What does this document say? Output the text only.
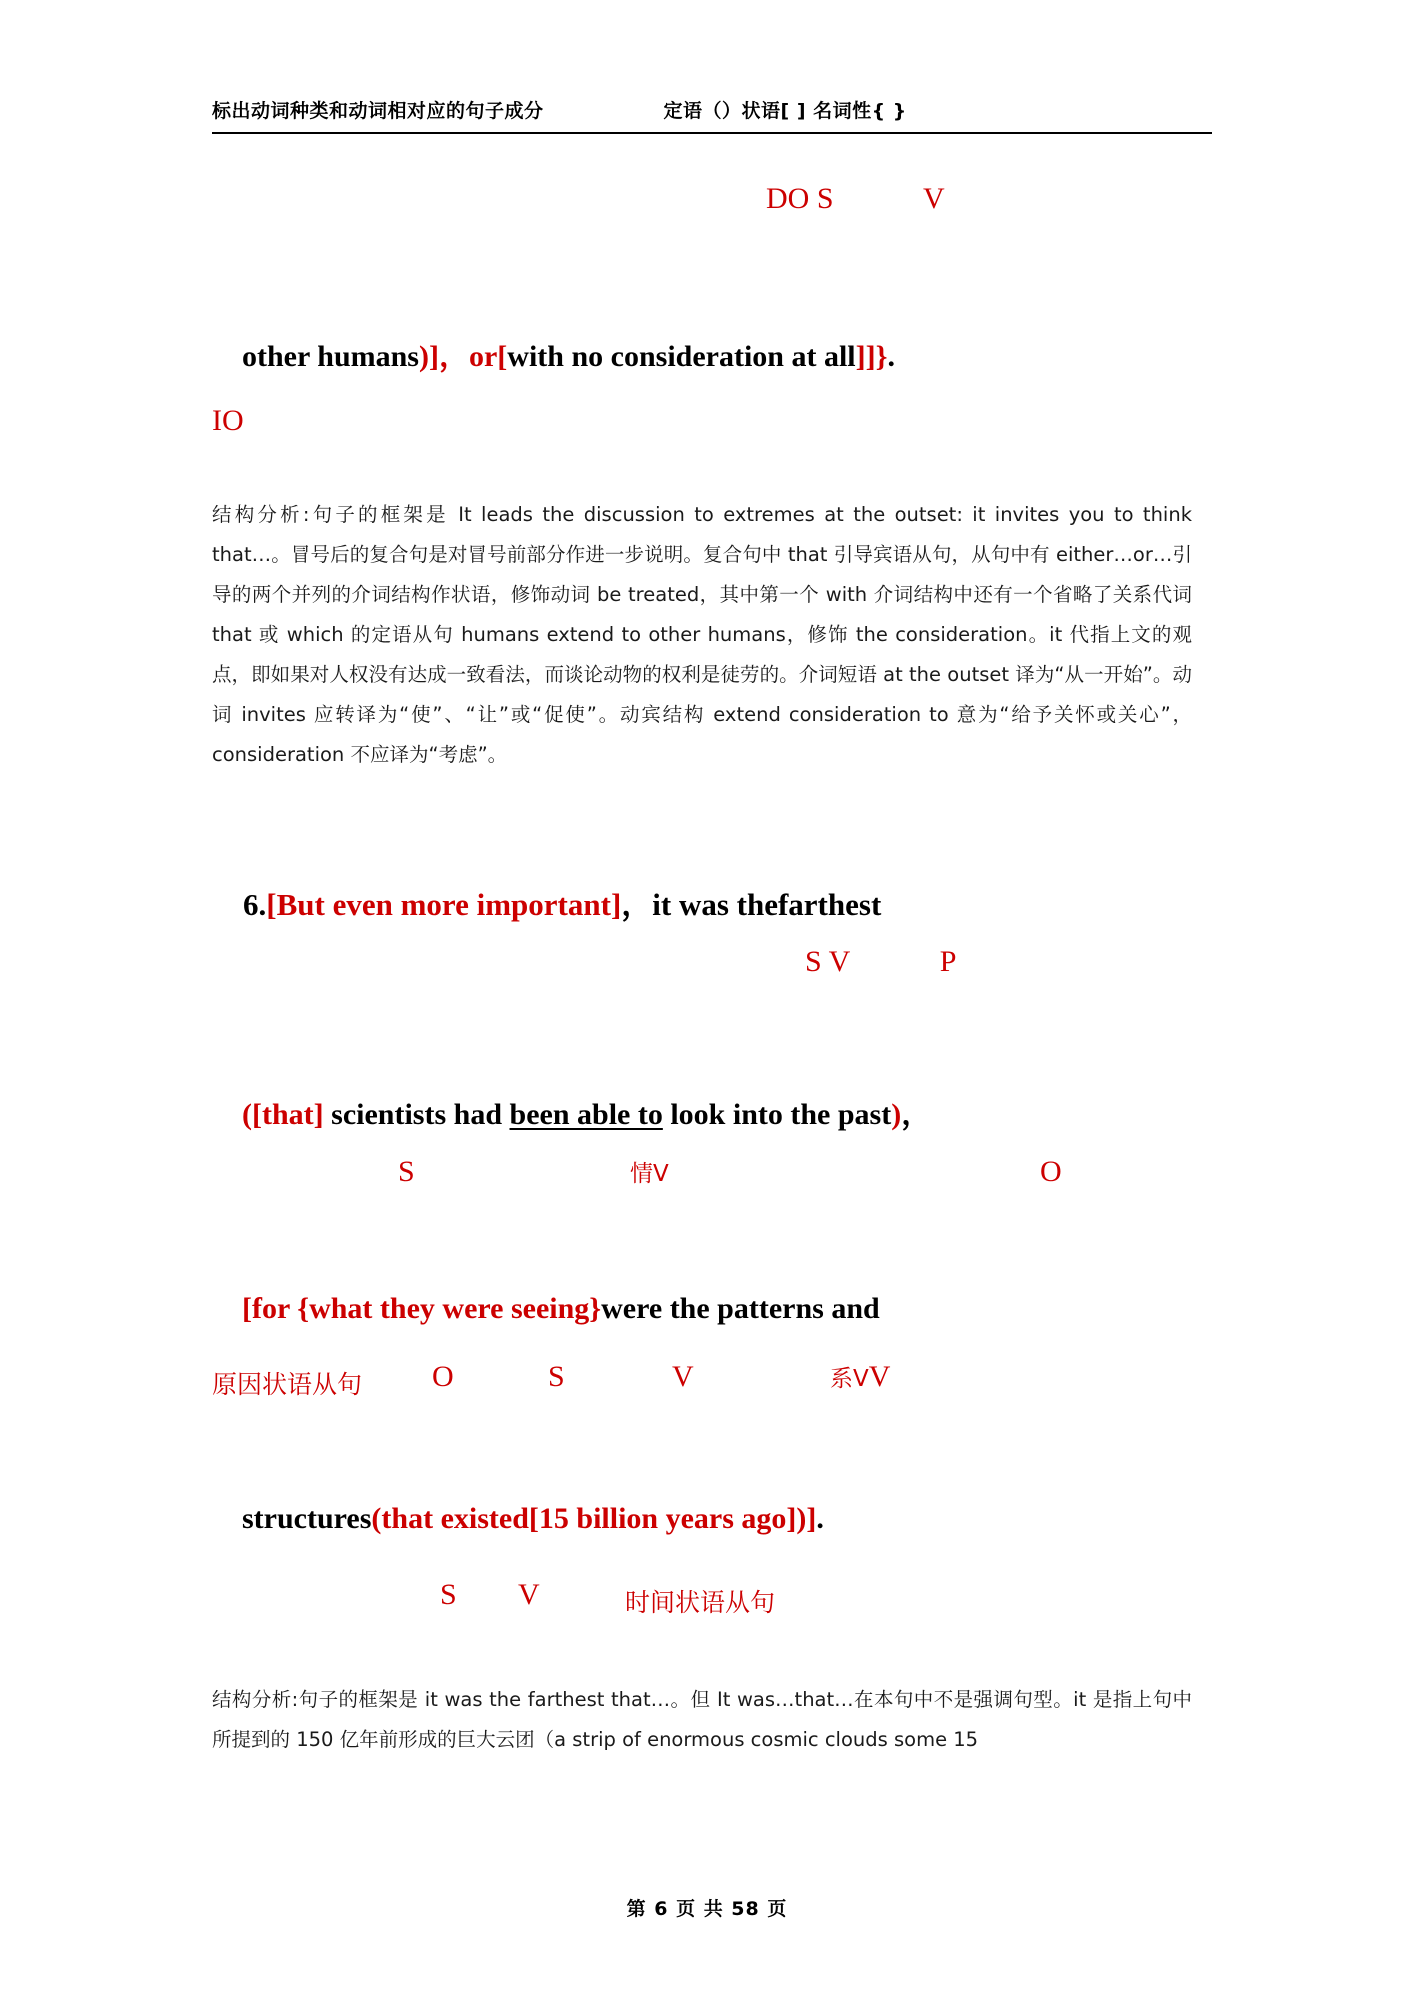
标出动词种类和动词相对应的句子成分	定语（）状语[ ] 名词性{ }
DO S            V

other humans)]，or[with no consideration at all]]}.

IO
结构分析:句子的框架是 It leads the discussion to extremes at the outset: it invites you to think that…。冒号后的复合句是对冒号前部分作进一步说明。复合句中 that 引导宾语从句，从句中有 either…or…引导的两个并列的介词结构作状语，修饰动词 be treated，其中第一个 with 介词结构中还有一个省略了关系代词 that 或 which 的定语从句 humans extend to other humans，修饰 the consideration。it 代指上文的观点，即如果对人权没有达成一致看法，而谈论动物的权利是徒劳的。介词短语 at the outset 译为“从一开始”。动词 invites 应转译为“使”、“让”或“促使”。动宾结构 extend consideration to 意为“给予关怀或关心”，consideration 不应译为“考虑”。

6.[But even more important]，it was thefarthest

S V            P

([that] scientists had been able to look into the past)，

S	情V	O

[for {what they were seeing}were the patterns and

原因状语从句 O	S	V	系VV

structures(that existed[15 billion years ago])].

S V	时间状语从句
结构分析:句子的框架是 it was the farthest that…。但 It was…that…在本句中不是强调句型。it 是指上句中所提到的 150 亿年前形成的巨大云团（a strip of enormous cosmic clouds some 15
第 6 页 共 58 页
